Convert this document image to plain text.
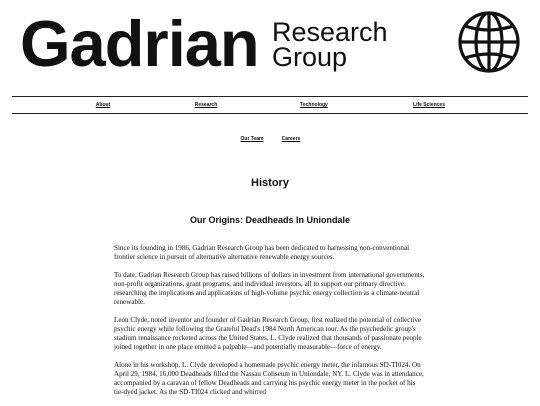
Gadrian Research
Group
About	Research	Technology	Life Sciences
Our Team	Careers
History
Our Origins: Deadheads In Uniondale

Since its founding in 1986, Gadrian Research Group has been dedicated to harnessing non-conventional frontier science in pursuit of alternative alternative renewable energy sources.

To date, Gadrian Research Group has raised billions of dollars in investment from international governments, non-profit organizations, grant programs, and individual investors, all to support our primary directive: researching the implications and applications of high-volume psychic energy collection as a climate-neutral renewable.

Leon Clyde, noted inventor and founder of Gadrian Research Group, first realized the potential of collective psychic energy while following the Grateful Dead's 1984 North American tour. As the psychedelic group's stadium renaissance rocketed across the United States, L. Clyde realized that thousands of passionate people joined together in one place emitted a palpable—and potentially measurable—force of energy.

Alone in his workshop, L. Clyde developed a homemade psychic energy meter, the infamous SD-TI024. On April 29, 1984, 16,000 Deadheads filled the Nassau Coliseum in Uniondale, NY. L. Clyde was in attendance, accompanied by a caravan of fellow Deadheads and carrying his psychic energy meter in the pocket of his tie-dyed jacket. As the SD-TI024 clicked and whirred
